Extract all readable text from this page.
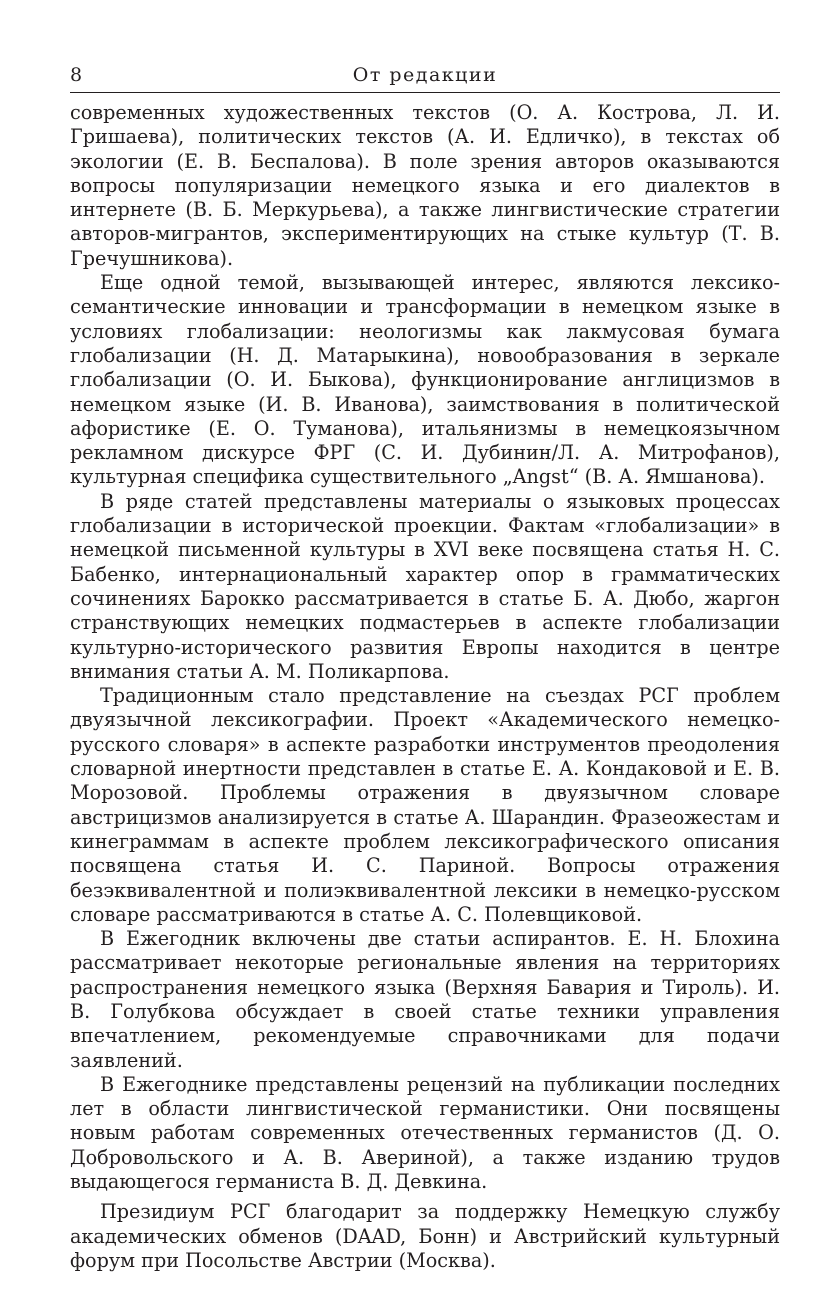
8	От редакции

современных художественных текстов (О. А. Кострова, Л. И. Гришаева), политических текстов (А. И. Едличко), в текстах об экологии (Е. В. Беспалова). В поле зрения авторов оказываются вопросы популяризации немецкого языка и его диалектов в интернете (В. Б. Меркурьева), а также лингвистические стратегии авторов-мигрантов, экспериментирующих на стыке культур (Т. В. Гречушникова).

Еще одной темой, вызывающей интерес, являются лексико-семантические инновации и трансформации в немецком языке в условиях глобализации: неологизмы как лакмусовая бумага глобализации (Н. Д. Матарыкина), новообразования в зеркале глобализации (О. И. Быкова), функционирование англицизмов в немецком языке (И. В. Иванова), заимствования в политической афористике (Е. О. Туманова), итальянизмы в немецкоязычном рекламном дискурсе ФРГ (С. И. Дубинин/Л. А. Митрофанов), культурная специфика существительного „Angst“ (В. А. Ямшанова).

В ряде статей представлены материалы о языковых процессах глобализации в исторической проекции. Фактам «глобализации» в немецкой письменной культуры в XVI веке посвящена статья Н. С. Бабенко, интернациональный характер опор в грамматических сочинениях Барокко рассматривается в статье Б. А. Дюбо, жаргон странствующих немецких подмастерьев в аспекте глобализации культурно-исторического развития Европы находится в центре внимания статьи А. М. Поликарпова.

Традиционным стало представление на съездах РСГ проблем двуязычной лексикографии. Проект «Академического немецко-русского словаря» в аспекте разработки инструментов преодоления словарной инертности представлен в статье Е. А. Кондаковой и Е. В. Морозовой. Проблемы отражения в двуязычном словаре австрицизмов анализируется в статье А. Шарандин. Фразеожестам и кинеграммам в аспекте проблем лексикографического описания посвящена статья И. С. Париной. Вопросы отражения безэквивалентной и полиэквивалентной лексики в немецко-русском словаре рассматриваются в статье А. С. Полевщиковой.

В Ежегодник включены две статьи аспирантов. Е. Н. Блохина рассматривает некоторые региональные явления на территориях распространения немецкого языка (Верхняя Бавария и Тироль). И. В. Голубкова обсуждает в своей статье техники управления впечатлением, рекомендуемые справочниками для подачи заявлений.

В Ежегоднике представлены рецензий на публикации последних лет в области лингвистической германистики. Они посвящены новым работам современных отечественных германистов (Д. О. Добровольского и А. В. Авериной), а также изданию трудов выдающегося германиста В. Д. Девкина.

Президиум РСГ благодарит за поддержку Немецкую службу академических обменов (DAAD, Бонн) и Австрийский культурный форум при Посольстве Австрии (Москва).
